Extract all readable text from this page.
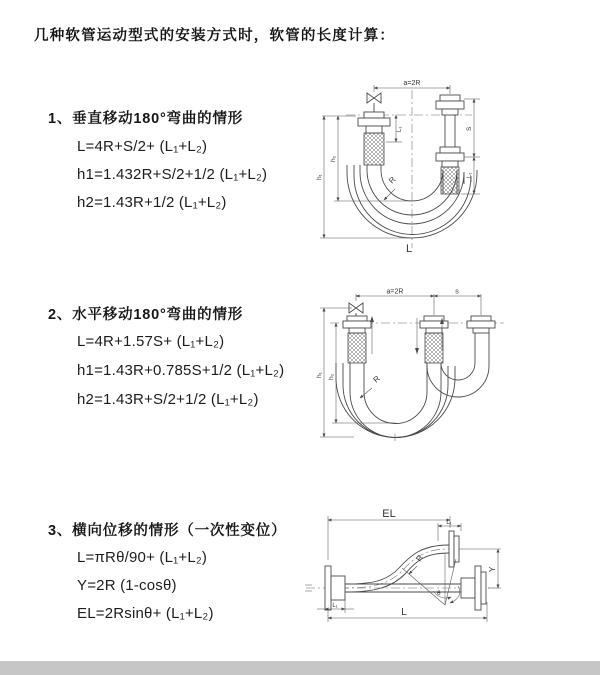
几种软管运动型式的安装方式时，软管的长度计算：
1、垂直移动180°弯曲的情形
L=4R+S/2+ (L₁+L₂)
h1=1.432R+S/2+1/2 (L₁+L₂)
h2=1.43R+1/2 (L₁+L₂)
2、水平移动180°弯曲的情形
L=4R+1.57S+ (L₁+L₂)
h1=1.43R+0.785S+1/2 (L₁+L₂)
h2=1.43R+S/2+1/2 (L₁+L₂)
3、横向位移的情形（一次性变位）
L=πRθ/90+ (L₁+L₂)
Y=2R (1-cosθ)
EL=2Rsinθ+ (L₁+L₂)
a=2R
R
L
h₁
h₂
S
L₁
L₁
a=2R	s
R
h₁ h₂
EL
L₁
θ
R
Y
L₁
L
